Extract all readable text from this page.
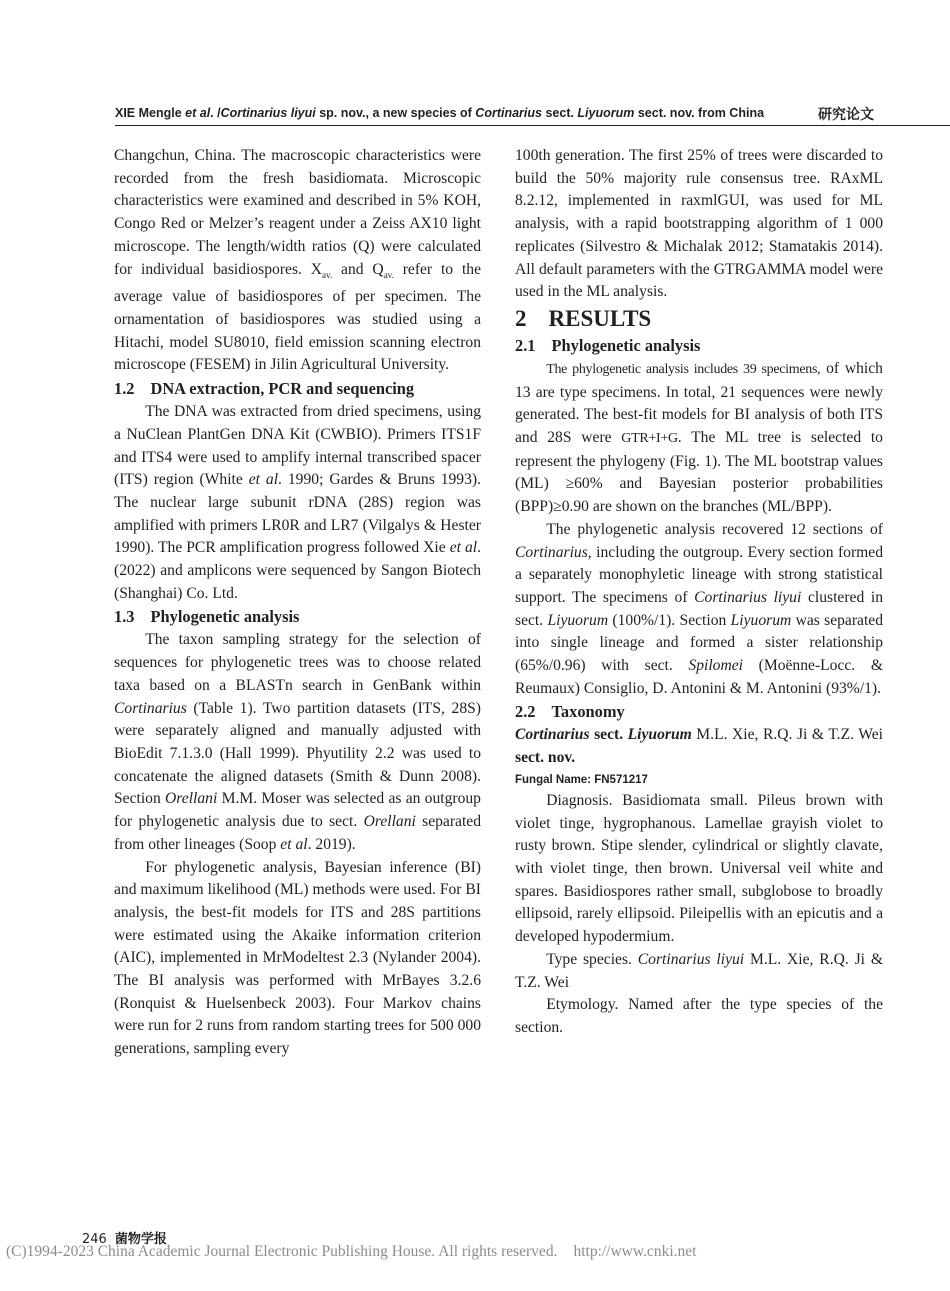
XIE Mengle et al. /Cortinarius liyui sp. nov., a new species of Cortinarius sect. Liyuorum sect. nov. from China	研究论文

Changchun, China. The macroscopic characteristics were recorded from the fresh basidiomata. Microscopic characteristics were examined and described in 5% KOH, Congo Red or Melzer’s reagent under a Zeiss AX10 light microscope. The length/width ratios (Q) were calculated for individual basidiospores. $X_{av.}$ and $Q_{av.}$ refer to the average value of basidiospores of per specimen. The ornamentation of basidiospores was studied using a Hitachi, model SU8010, field emission scanning electron microscope (FESEM) in Jilin Agricultural University.

1.2 DNA extraction, PCR and sequencing

The DNA was extracted from dried specimens, using a NuClean PlantGen DNA Kit (CWBIO). Primers ITS1F and ITS4 were used to amplify internal transcribed spacer (ITS) region (White et al. 1990; Gardes & Bruns 1993). The nuclear large subunit rDNA (28S) region was amplified with primers LR0R and LR7 (Vilgalys & Hester 1990). The PCR amplification progress followed Xie et al. (2022) and amplicons were sequenced by Sangon Biotech (Shanghai) Co. Ltd.

1.3 Phylogenetic analysis

The taxon sampling strategy for the selection of sequences for phylogenetic trees was to choose related taxa based on a BLASTn search in GenBank within Cortinarius (Table 1). Two partition datasets (ITS, 28S) were separately aligned and manually adjusted with BioEdit 7.1.3.0 (Hall 1999). Phyutility 2.2 was used to concatenate the aligned datasets (Smith & Dunn 2008). Section Orellani M.M. Moser was selected as an outgroup for phylogenetic analysis due to sect. Orellani separated from other lineages (Soop et al. 2019).

For phylogenetic analysis, Bayesian inference (BI) and maximum likelihood (ML) methods were used. For BI analysis, the best-fit models for ITS and 28S partitions were estimated using the Akaike information criterion (AIC), implemented in MrModeltest 2.3 (Nylander 2004). The BI analysis was performed with MrBayes 3.2.6 (Ronquist & Huelsenbeck 2003). Four Markov chains were run for 2 runs from random starting trees for 500 000 generations, sampling every

100th generation. The first 25% of trees were discarded to build the 50% majority rule consensus tree. RAxML 8.2.12, implemented in raxmlGUI, was used for ML analysis, with a rapid bootstrapping algorithm of 1 000 replicates (Silvestro & Michalak 2012; Stamatakis 2014). All default parameters with the GTRGAMMA model were used in the ML analysis.

2 RESULTS

2.1 Phylogenetic analysis

The phylogenetic analysis includes 39 specimens, of which 13 are type specimens. In total, 21 sequences were newly generated. The best-fit models for BI analysis of both ITS and 28S were GTR+I+G. The ML tree is selected to represent the phylogeny (Fig. 1). The ML bootstrap values (ML) ≥60% and Bayesian posterior probabilities (BPP)≥0.90 are shown on the branches (ML/BPP).

The phylogenetic analysis recovered 12 sections of Cortinarius, including the outgroup. Every section formed a separately monophyletic lineage with strong statistical support. The specimens of Cortinarius liyui clustered in sect. Liyuorum (100%/1). Section Liyuorum was separated into single lineage and formed a sister relationship (65%/0.96) with sect. Spilomei (Moënne-Locc. & Reumaux) Consiglio, D. Antonini & M. Antonini (93%/1).

2.2 Taxonomy

Cortinarius sect. Liyuorum M.L. Xie, R.Q. Ji & T.Z. Wei sect. nov.

Fungal Name: FN571217

Diagnosis. Basidiomata small. Pileus brown with violet tinge, hygrophanous. Lamellae grayish violet to rusty brown. Stipe slender, cylindrical or slightly clavate, with violet tinge, then brown. Universal veil white and spares. Basidiospores rather small, subglobose to broadly ellipsoid, rarely ellipsoid. Pileipellis with an epicutis and a developed hypodermium.

Type species. Cortinarius liyui M.L. Xie, R.Q. Ji & T.Z. Wei

Etymology. Named after the type species of the section.

246 菌物学报
(C)1994-2023 China Academic Journal Electronic Publishing House. All rights reserved. http://www.cnki.net
